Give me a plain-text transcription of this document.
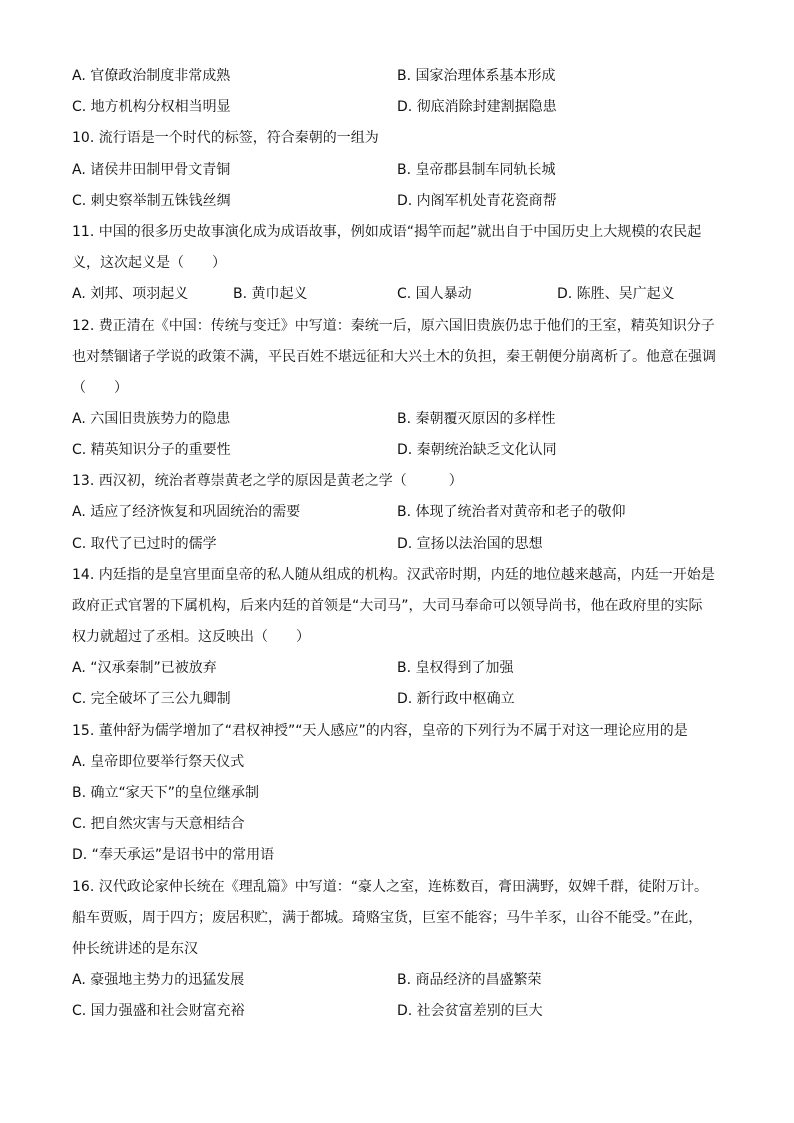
A. 官僚政治制度非常成熟	B. 国家治理体系基本形成
C. 地方机构分权相当明显	D. 彻底消除封建割据隐患
10. 流行语是一个时代的标签，符合秦朝的一组为
A. 诸侯井田制甲骨文青铜	B. 皇帝郡县制车同轨长城
C. 刺史察举制五铢钱丝绸	D. 内阁军机处青花瓷商帮
11. 中国的很多历史故事演化成为成语故事，例如成语“揭竿而起”就出自于中国历史上大规模的农民起
义，这次起义是（　　）
A. 刘邦、项羽起义	B. 黄巾起义	C. 国人暴动	D. 陈胜、吴广起义
12. 费正清在《中国：传统与变迁》中写道：秦统一后，原六国旧贵族仍忠于他们的王室，精英知识分子
也对禁锢诸子学说的政策不满，平民百姓不堪远征和大兴土木的负担，秦王朝便分崩离析了。他意在强调
（　　）
A. 六国旧贵族势力的隐患	B. 秦朝覆灭原因的多样性
C. 精英知识分子的重要性	D. 秦朝统治缺乏文化认同
13. 西汉初，统治者尊崇黄老之学的原因是黄老之学（　　　）
A. 适应了经济恢复和巩固统治的需要	B. 体现了统治者对黄帝和老子的敬仰
C. 取代了已过时的儒学	D. 宣扬以法治国的思想
14. 内廷指的是皇宫里面皇帝的私人随从组成的机构。汉武帝时期，内廷的地位越来越高，内廷一开始是
政府正式官署的下属机构，后来内廷的首领是“大司马”，大司马奉命可以领导尚书，他在政府里的实际
权力就超过了丞相。这反映出（　　）
A. “汉承秦制”已被放弃	B. 皇权得到了加强
C. 完全破坏了三公九卿制	D. 新行政中枢确立
15. 董仲舒为儒学增加了“君权神授”“天人感应”的内容，皇帝的下列行为不属于对这一理论应用的是
A. 皇帝即位要举行祭天仪式
B. 确立“家天下”的皇位继承制
C. 把自然灾害与天意相结合
D. “奉天承运”是诏书中的常用语
16. 汉代政论家仲长统在《理乱篇》中写道：“豪人之室，连栋数百，膏田满野，奴婢千群，徒附万计。
船车贾贩，周于四方；废居积贮，满于都城。琦赂宝货，巨室不能容；马牛羊豕，山谷不能受。”在此，
仲长统讲述的是东汉
A. 豪强地主势力的迅猛发展	B. 商品经济的昌盛繁荣
C. 国力强盛和社会财富充裕	D. 社会贫富差别的巨大
